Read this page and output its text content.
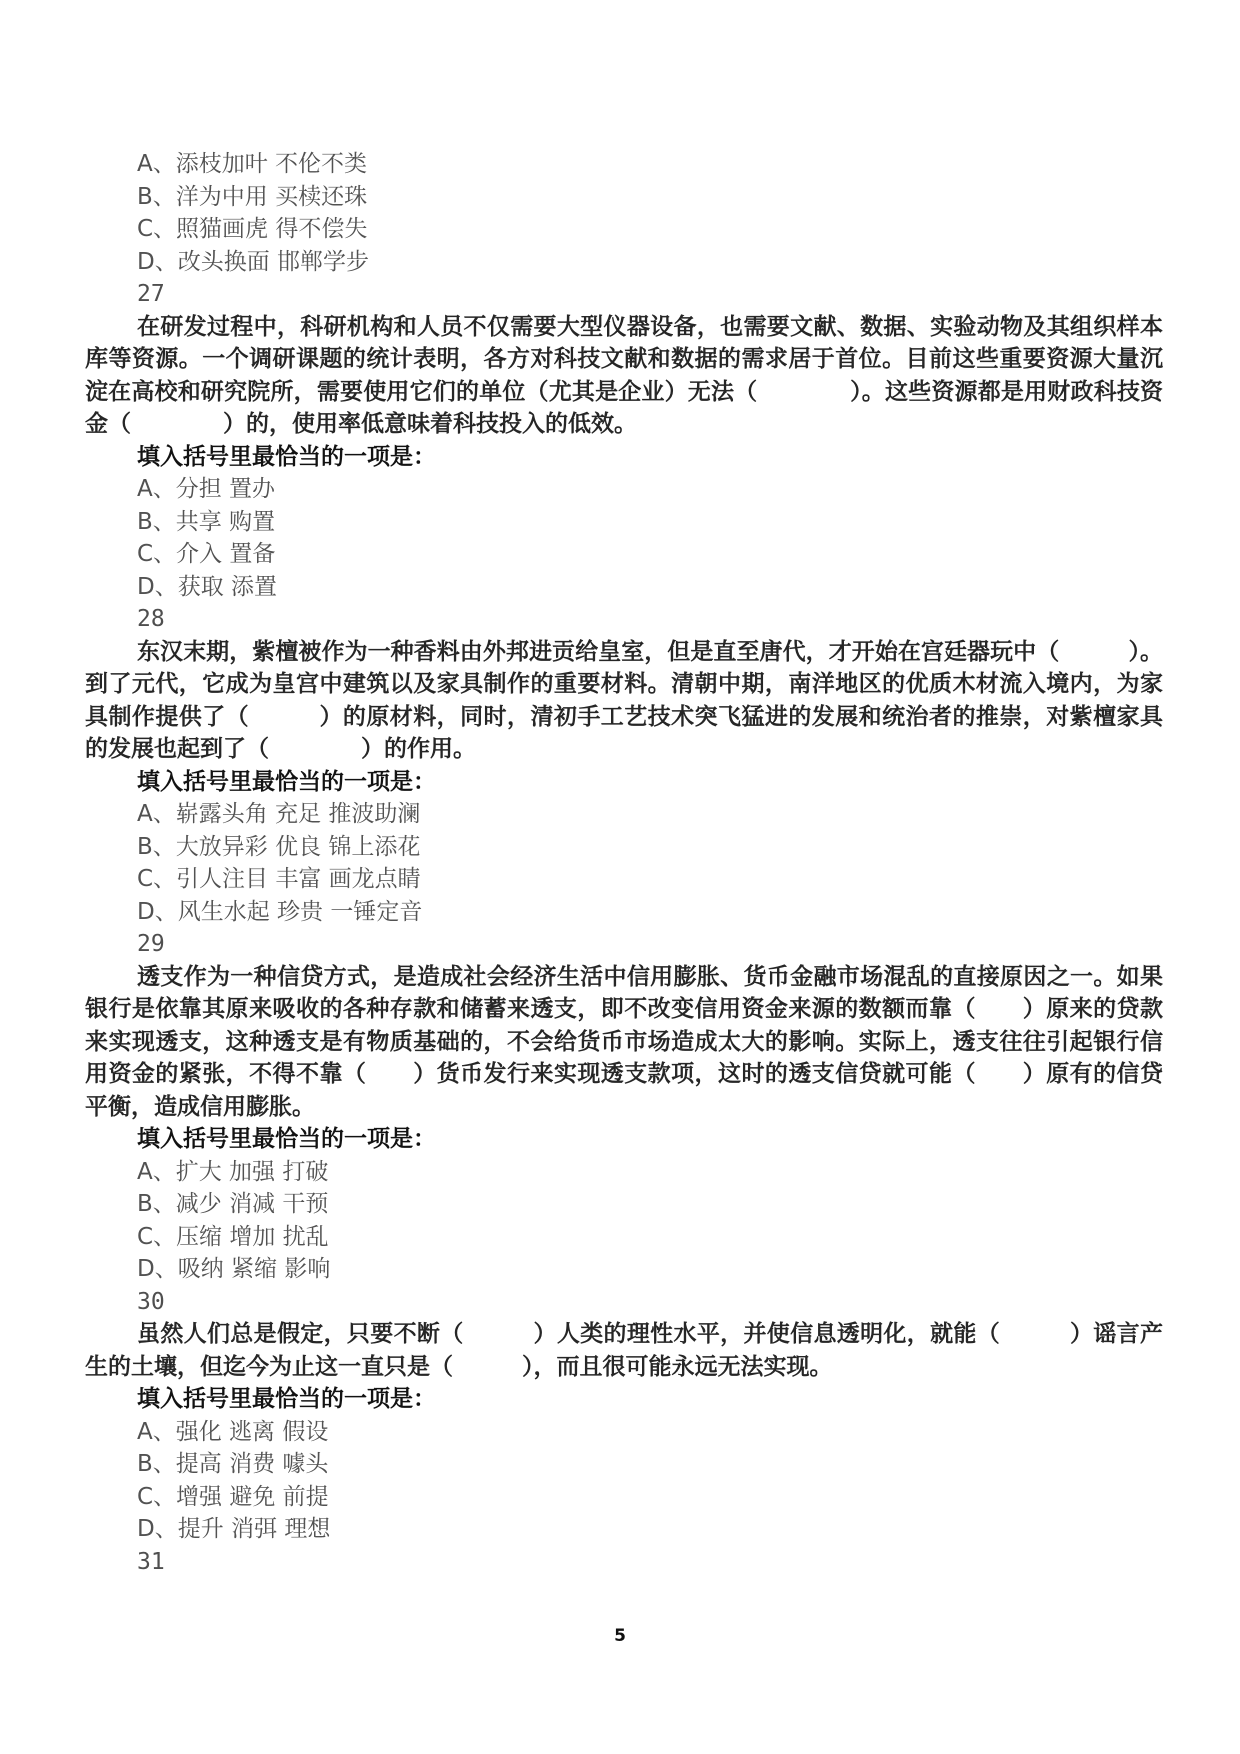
A、添枝加叶 不伦不类
B、洋为中用 买椟还珠
C、照猫画虎 得不偿失
D、改头换面 邯郸学步
27

在研发过程中，科研机构和人员不仅需要大型仪器设备，也需要文献、数据、实验动物及其组织样本库等资源。一个调研课题的统计表明，各方对科技文献和数据的需求居于首位。目前这些重要资源大量沉淀在高校和研究院所，需要使用它们的单位（尤其是企业）无法（　　　　）。这些资源都是用财政科技资金（　　　　）的，使用率低意味着科技投入的低效。

填入括号里最恰当的一项是：
A、分担 置办
B、共享 购置
C、介入 置备
D、获取 添置
28

东汉末期，紫檀被作为一种香料由外邦进贡给皇室，但是直至唐代，才开始在宫廷器玩中（　　　）。到了元代，它成为皇宫中建筑以及家具制作的重要材料。清朝中期，南洋地区的优质木材流入境内，为家具制作提供了（　　　）的原材料，同时，清初手工艺技术突飞猛进的发展和统治者的推崇，对紫檀家具的发展也起到了（　　　　）的作用。

填入括号里最恰当的一项是：
A、崭露头角 充足 推波助澜
B、大放异彩 优良 锦上添花
C、引人注目 丰富 画龙点睛
D、风生水起 珍贵 一锤定音
29

透支作为一种信贷方式，是造成社会经济生活中信用膨胀、货币金融市场混乱的直接原因之一。如果银行是依靠其原来吸收的各种存款和储蓄来透支，即不改变信用资金来源的数额而靠（　　）原来的贷款来实现透支，这种透支是有物质基础的，不会给货币市场造成太大的影响。实际上，透支往往引起银行信用资金的紧张，不得不靠（　　）货币发行来实现透支款项，这时的透支信贷就可能（　　）原有的信贷平衡，造成信用膨胀。

填入括号里最恰当的一项是：
A、扩大 加强 打破
B、减少 消减 干预
C、压缩 增加 扰乱
D、吸纳 紧缩 影响
30

虽然人们总是假定，只要不断（　　　）人类的理性水平，并使信息透明化，就能（　　　）谣言产生的土壤，但迄今为止这一直只是（　　　），而且很可能永远无法实现。

填入括号里最恰当的一项是：
A、强化 逃离 假设
B、提高 消费 噱头
C、增强 避免 前提
D、提升 消弭 理想
31
5
